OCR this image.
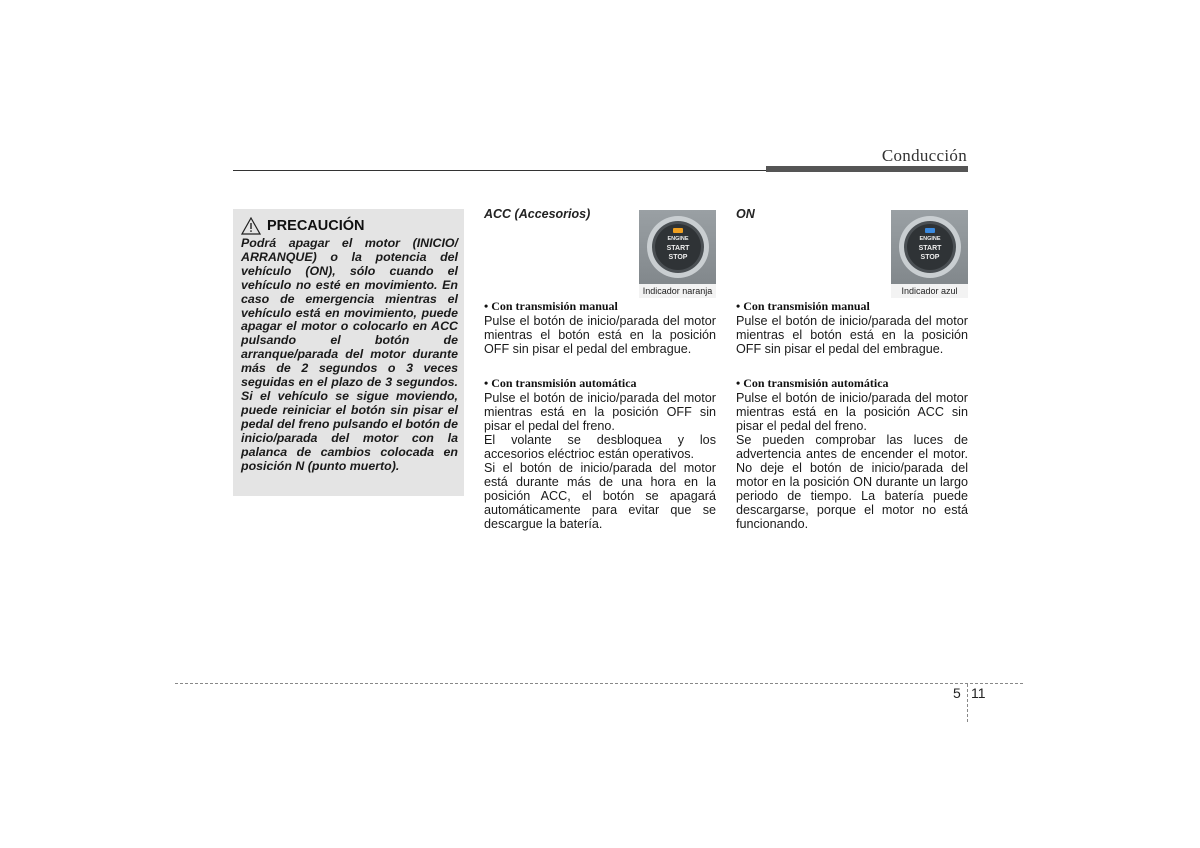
Conducción
PRECAUCIÓN
Podrá apagar el motor (INICIO/ ARRANQUE) o la potencia del vehículo (ON), sólo cuando el vehículo no esté en movimiento. En caso de emergencia mientras el vehículo está en movimiento, puede apagar el motor o colocarlo en ACC pulsando el botón de arranque/parada del motor durante más de 2 segundos o 3 veces seguidas en el plazo de 3 segundos. Si el vehículo se sigue moviendo, puede reiniciar el botón sin pisar el pedal del freno pulsando el botón de inicio/parada del motor con la palanca de cambios colocada en posición N (punto muerto).
ACC (Accesorios)
ENGINE
START
STOP
Indicador naranja
• Con transmisión manual

Pulse el botón de inicio/parada del motor mientras el botón está en la posición OFF sin pisar el pedal del embrague.

• Con transmisión automática

Pulse el botón de inicio/parada del motor mientras está en la posición OFF sin pisar el pedal del freno.

El volante se desbloquea y los accesorios eléctrioc están operativos.

Si el botón de inicio/parada del motor está durante más de una hora en la posición ACC, el botón se apagará automáticamente para evitar que se descargue la batería.

ON
ENGINE
START
STOP
Indicador azul
• Con transmisión manual

Pulse el botón de inicio/parada del motor mientras el botón está en la posición OFF sin pisar el pedal del embrague.

• Con transmisión automática

Pulse el botón de inicio/parada del motor mientras está en la posición ACC sin pisar el pedal del freno.

Se pueden comprobar las luces de advertencia antes de encender el motor. No deje el botón de inicio/parada del motor en la posición ON durante un largo periodo de tiempo. La batería puede descargarse, porque el motor no está funcionando.

5 11
